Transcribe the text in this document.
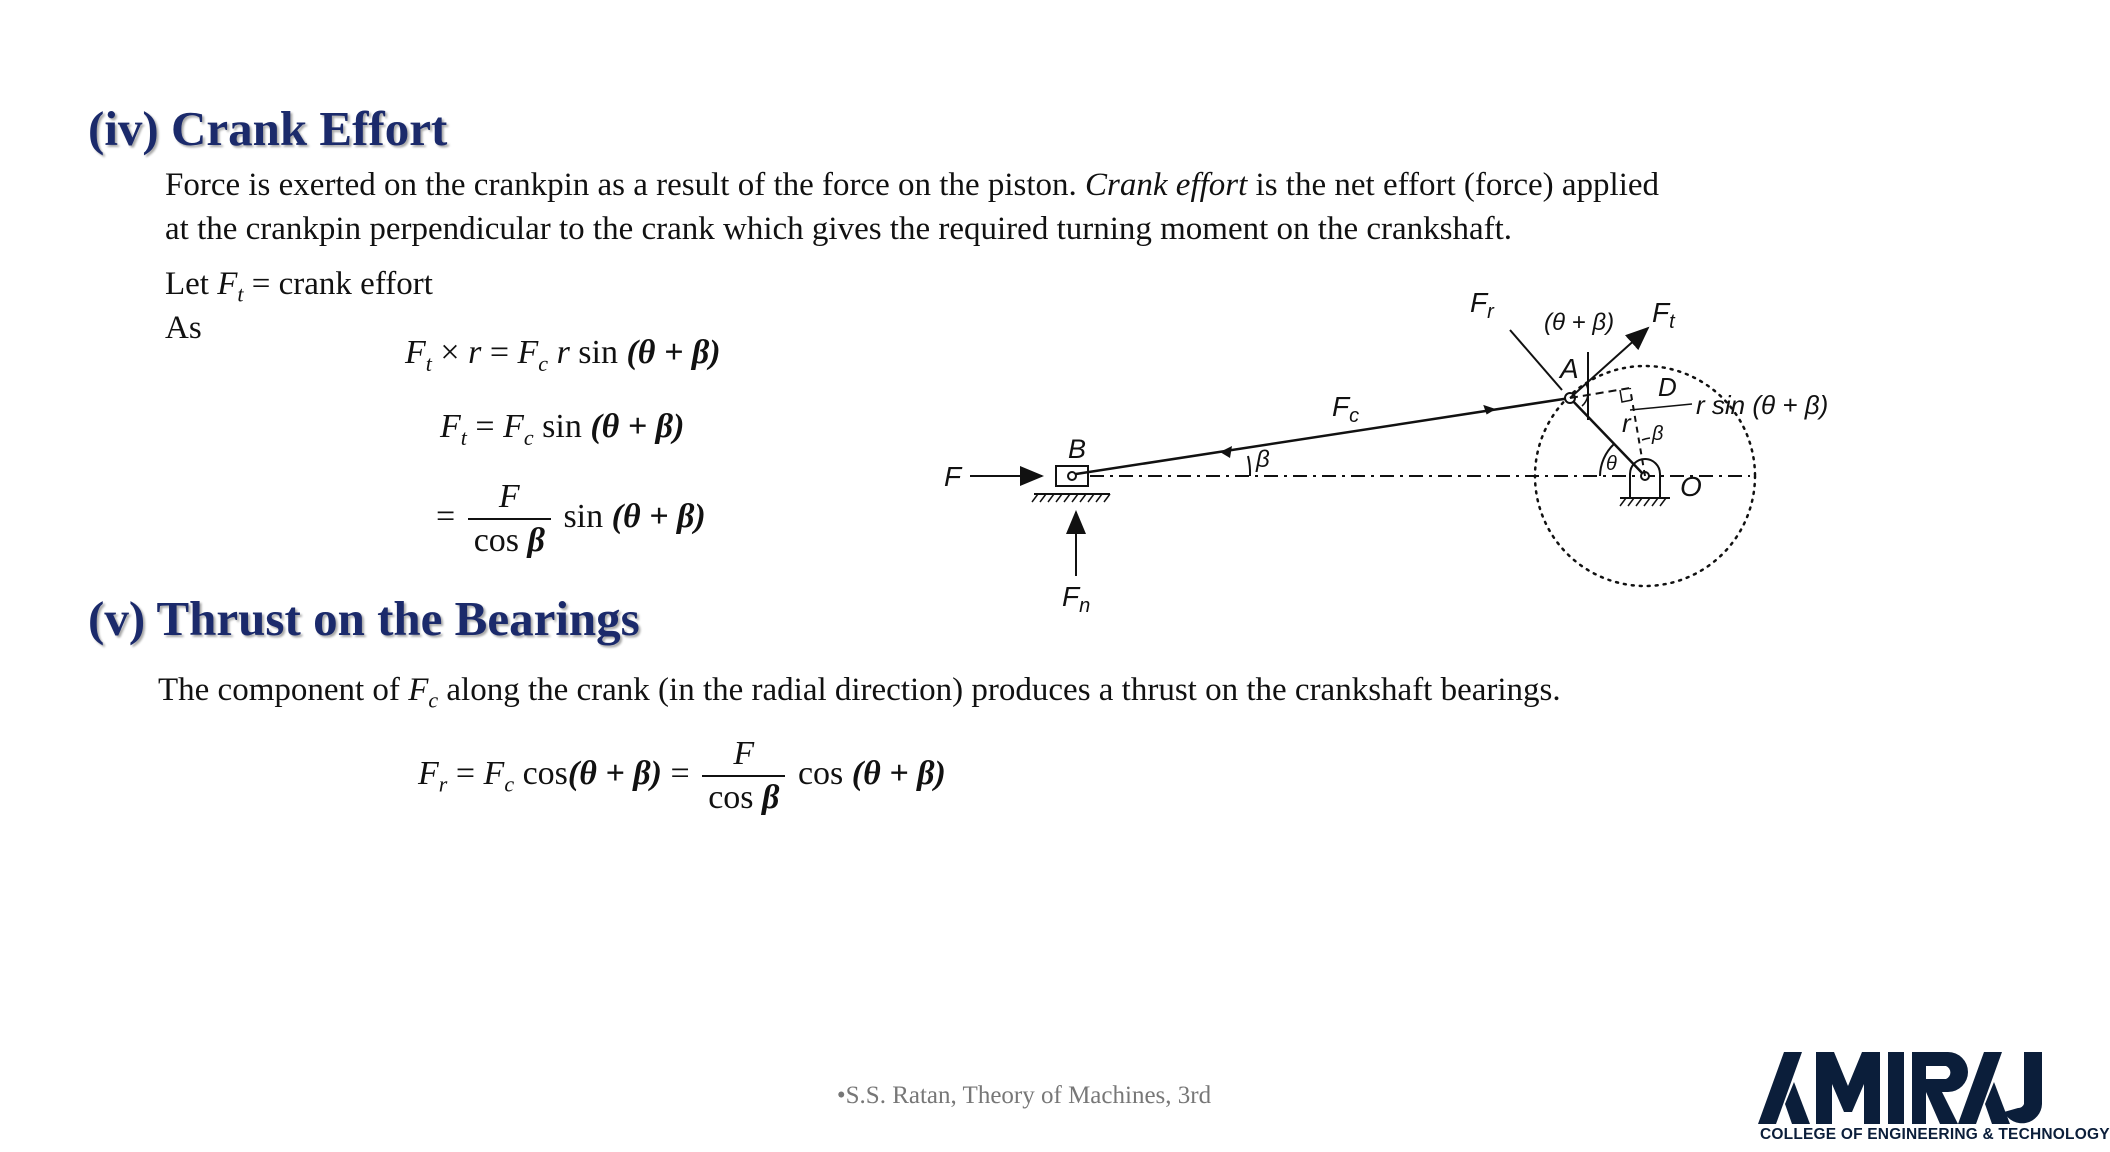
(iv) Crank Effort
Force is exerted on the crankpin as a result of the force on the piston. Crank effort is the net effort (force) applied
at the crankpin perpendicular to the crank which gives the required turning moment on the crankshaft.
Let $F_t$ = crank effort
As
$F_t \times r = F_c$ r sin (θ + β)
$F_t = F_c$ sin (θ + β)
= $\frac{F}{\text{cos β}}$ sin (θ + β)
(v) Thrust on the Bearings
The component of $F_c$ along the crank (in the radial direction) produces a thrust on the crankshaft bearings.
$F_r = F_c$ $\cos(\theta + \beta) = \frac{F}{\text{cos β}}$ cos (θ + β)
F
B
$F_n$
$F_c$
β
A
D
O
r
θ
β
$F_r$	$F_t$
(θ + β)
r sin (θ + β)
•S.S. Ratan, Theory of Machines, 3rd
COLLEGE OF ENGINEERING & TECHNOLOGY
